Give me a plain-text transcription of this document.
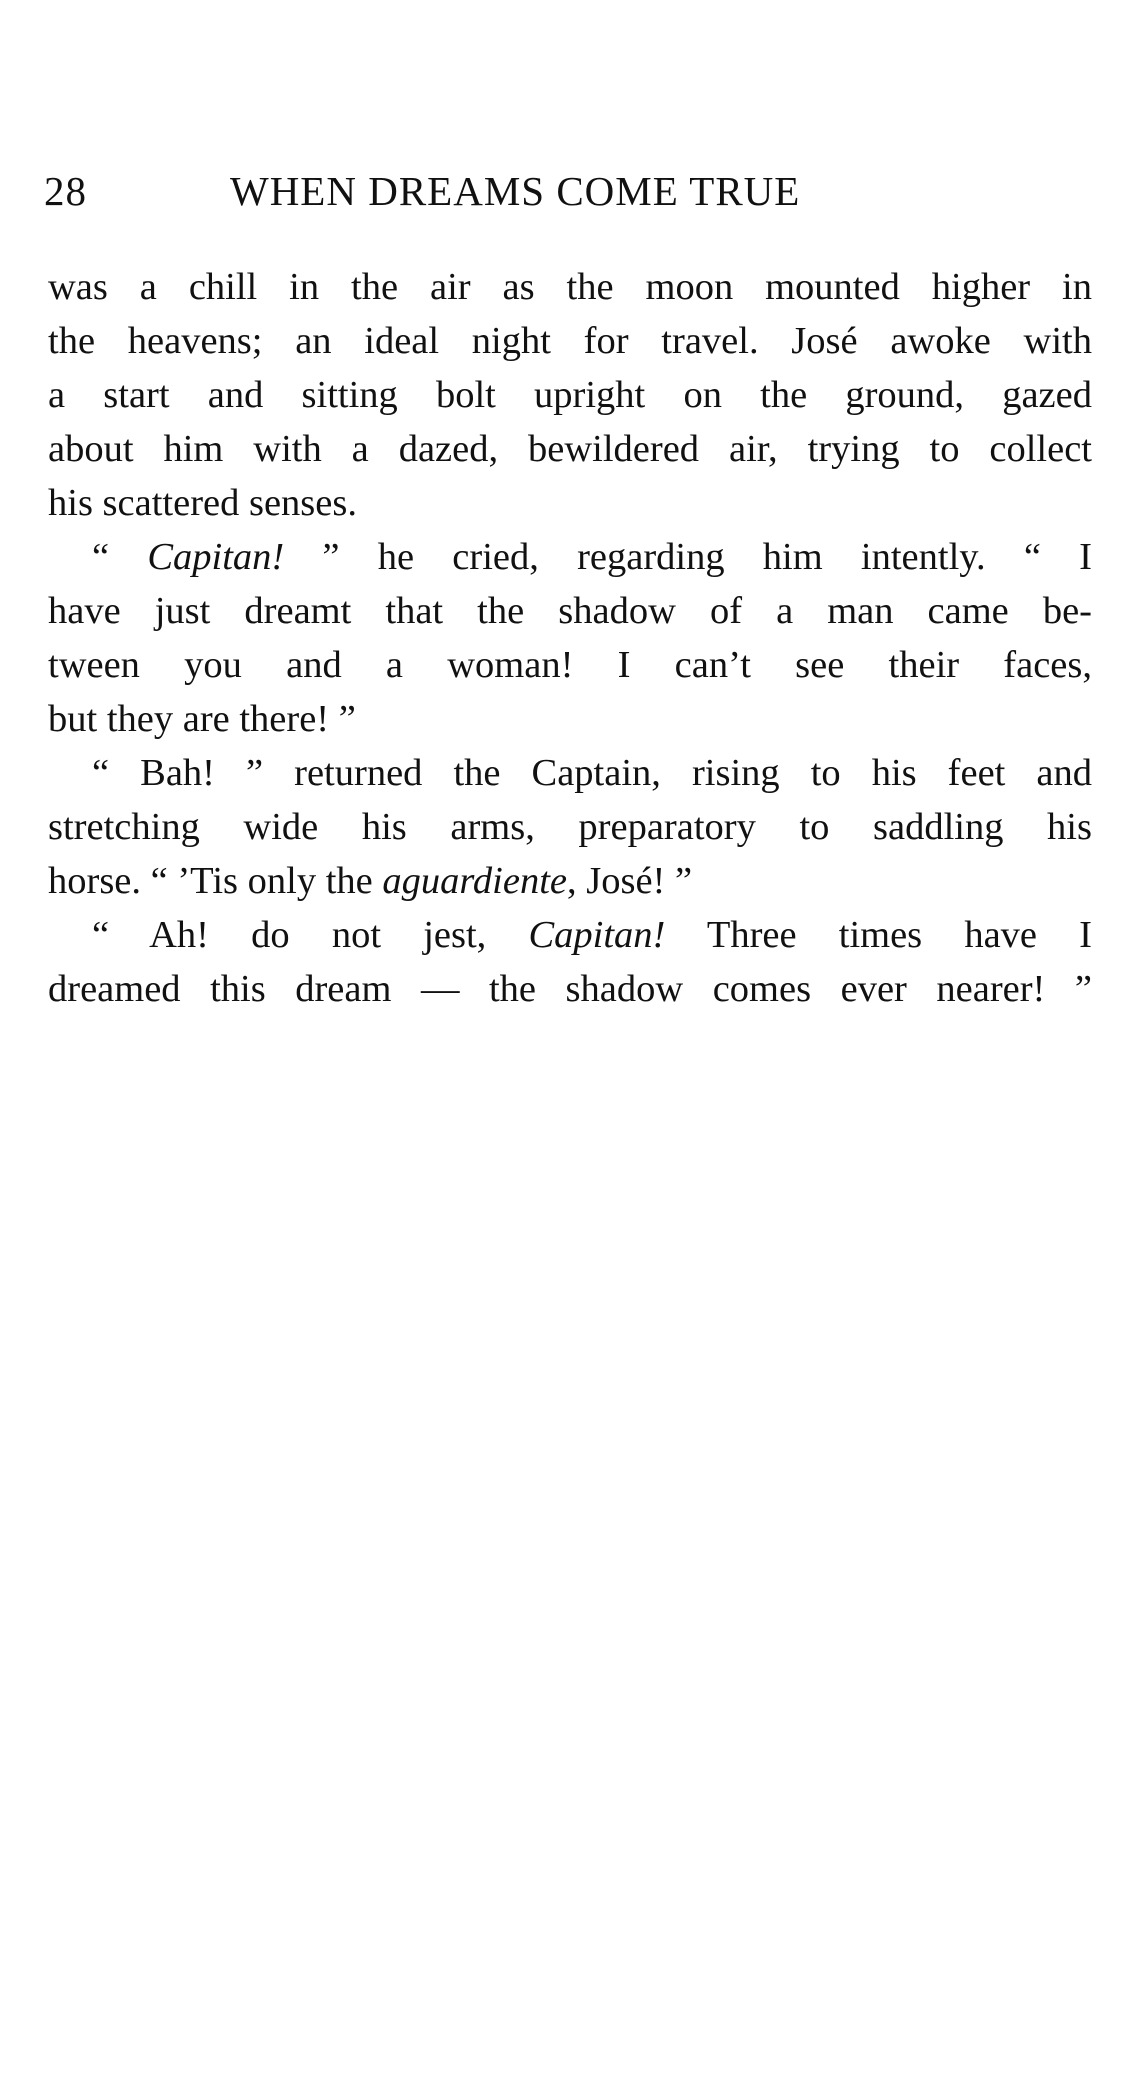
28	WHEN DREAMS COME TRUE
was a chill in the air as the moon mounted higher in
the heavens; an ideal night for travel. José awoke with
a start and sitting bolt upright on the ground, gazed
about him with a dazed, bewildered air, trying to collect
his scattered senses.
“ Capitan! ” he cried, regarding him intently. “ I
have just dreamt that the shadow of a man came be-
tween you and a woman! I can’t see their faces,
but they are there! ”
“ Bah! ” returned the Captain, rising to his feet and
stretching wide his arms, preparatory to saddling his
horse. “ ’Tis only the aguardiente, José! ”
“ Ah! do not jest, Capitan! Three times have I
dreamed this dream — the shadow comes ever nearer! ”
